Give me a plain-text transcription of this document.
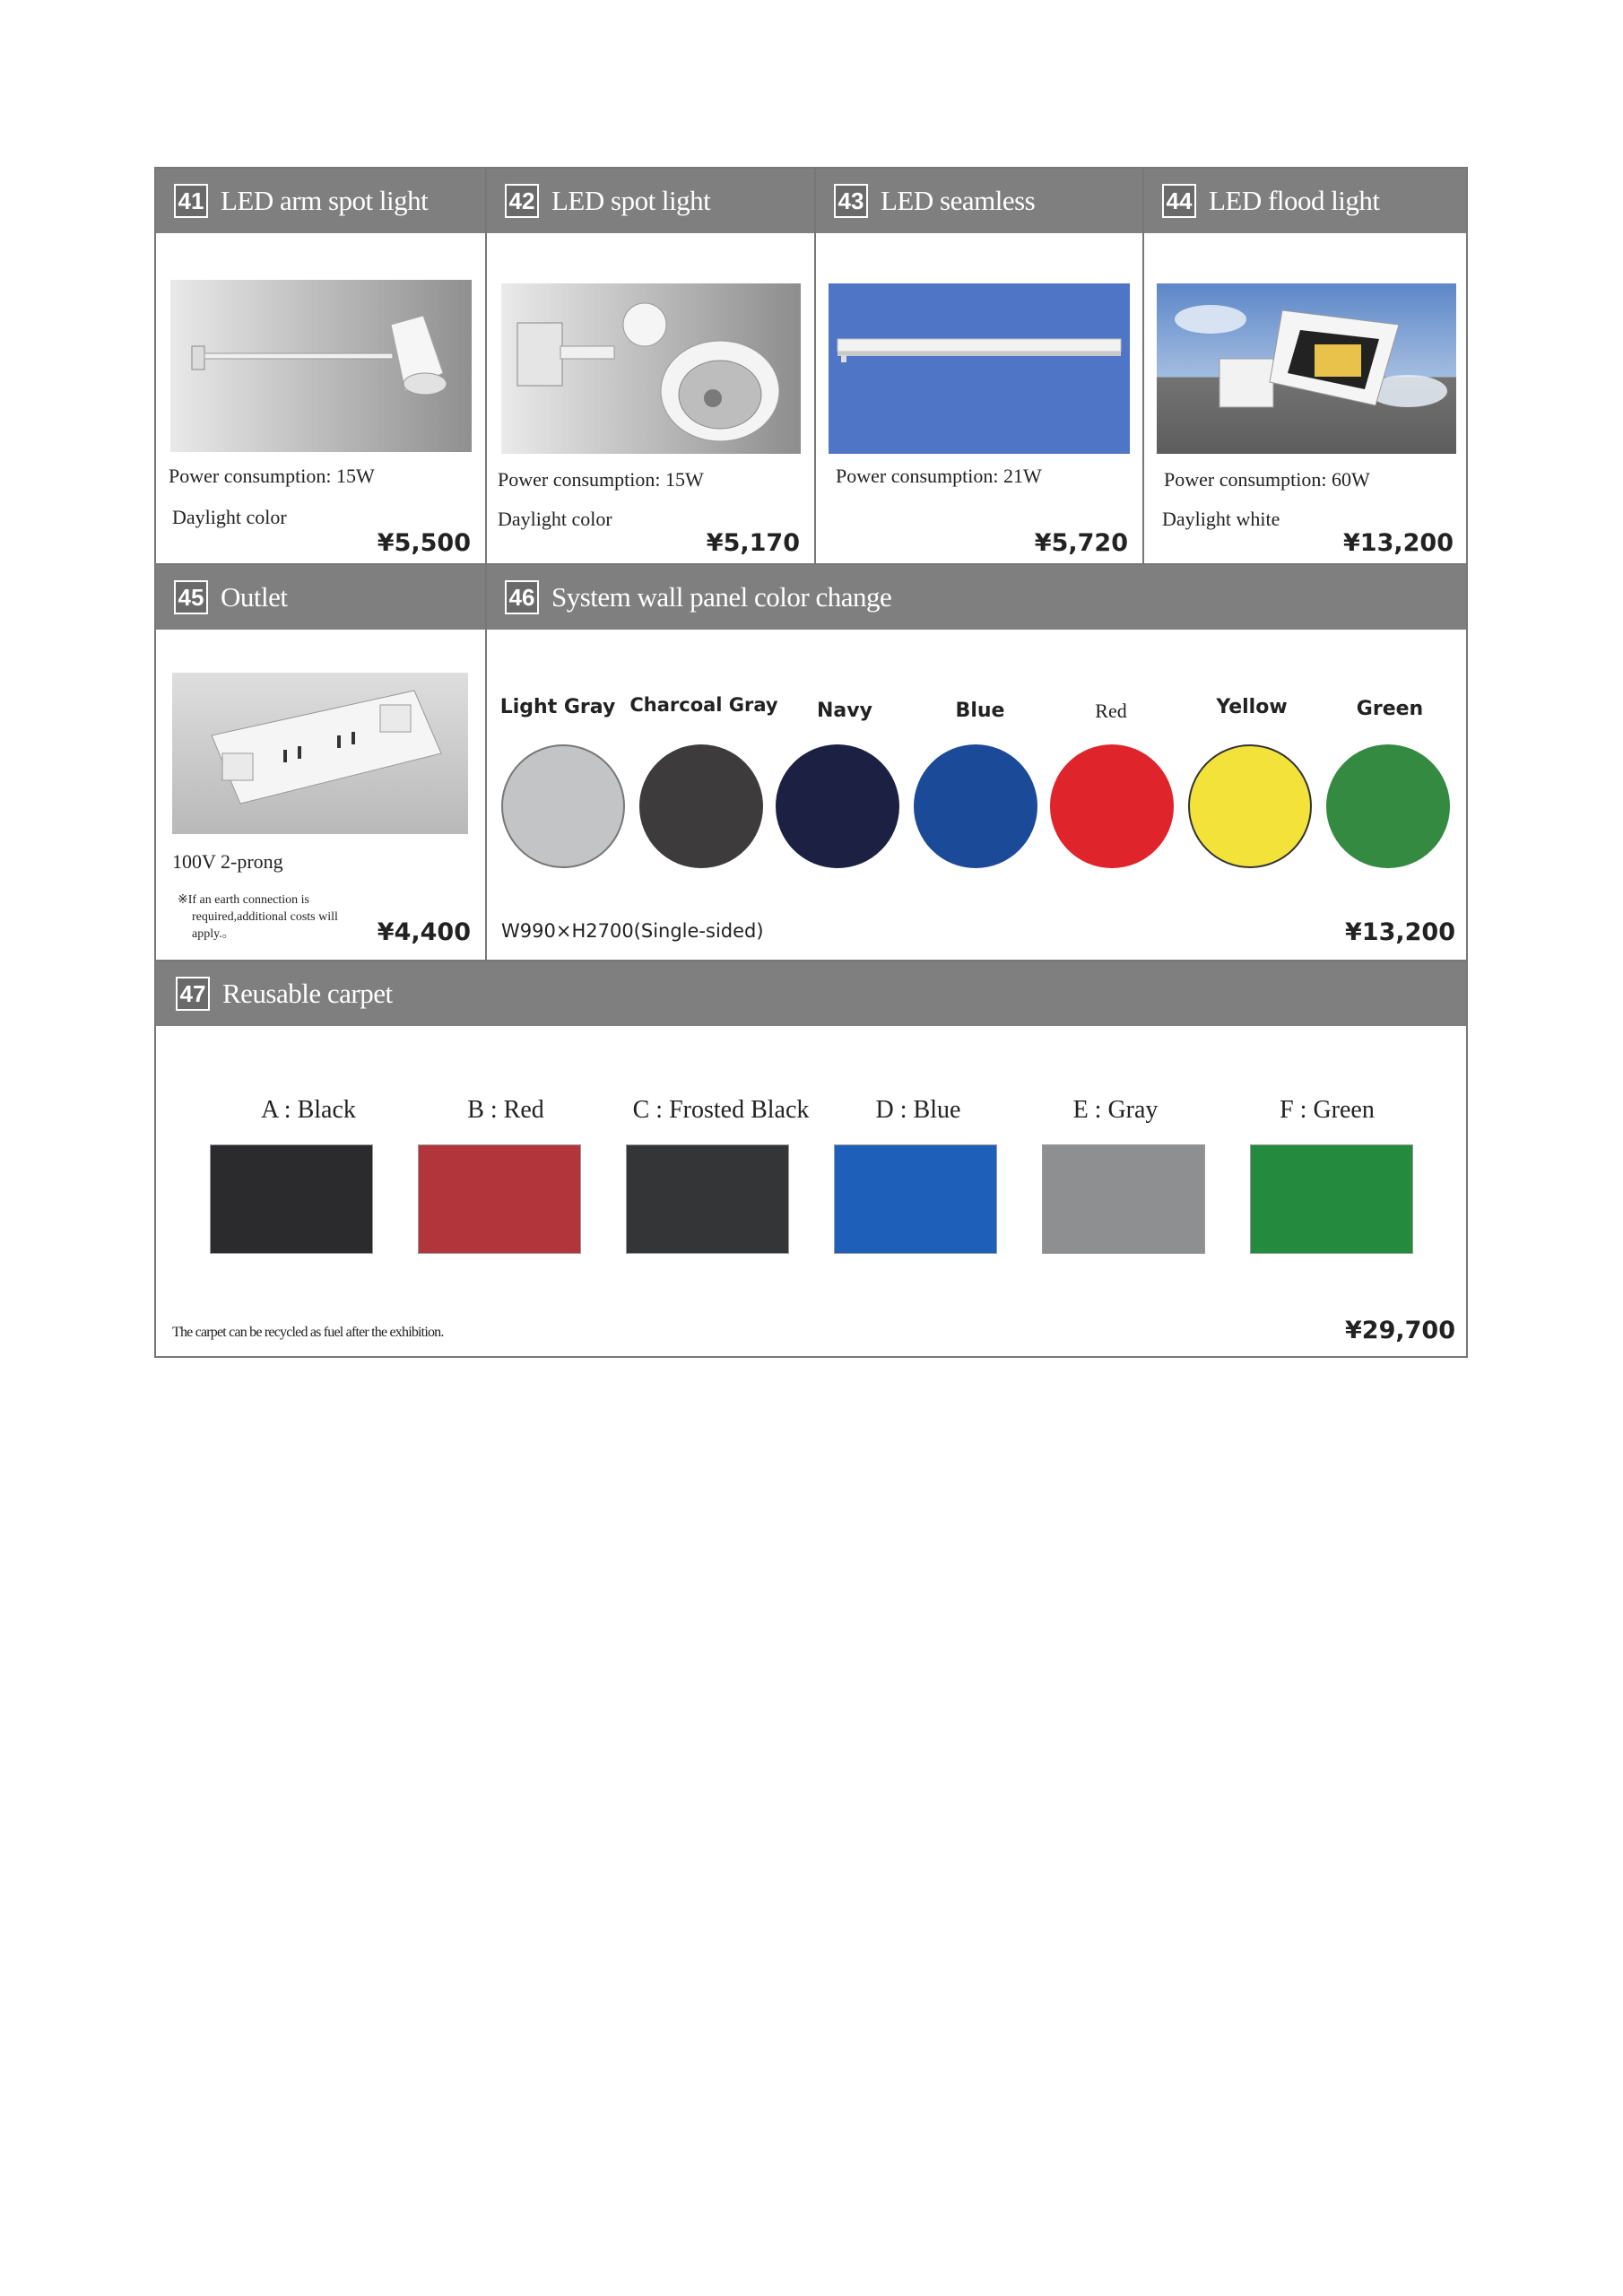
41 LED arm spot light
Power consumption: 15W
Daylight color
¥5,500
42 LED spot light
Power consumption: 15W
Daylight color
¥5,170
43 LED seamless
Power consumption: 21W
¥5,720
44 LED flood light
Power consumption: 60W
Daylight white
¥13,200
45 Outlet
100V 2-prong
※If an earth connection is
required,additional costs will
apply.。	¥4,400
46 System wall panel color change
Light Gray Charcoal Gray	Navy	Blue	Red	Yellow	Green
W990×H2700(Single-sided)	¥13,200
47 Reusable carpet
A : Black	B : Red	C : Frosted Black	D : Blue	E : Gray	F : Green
The carpet can be recycled as fuel after the exhibition.	¥29,700
